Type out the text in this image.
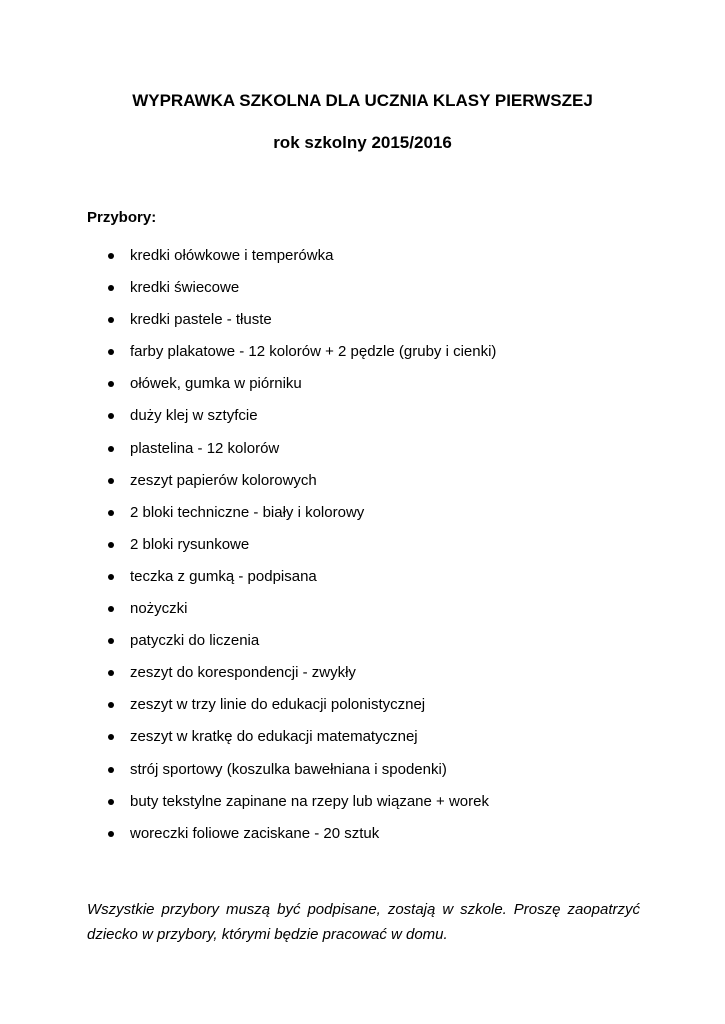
WYPRAWKA SZKOLNA DLA UCZNIA KLASY PIERWSZEJ
rok szkolny 2015/2016

Przybory:

kredki ołówkowe i temperówka
kredki świecowe
kredki pastele - tłuste
farby plakatowe - 12 kolorów + 2 pędzle (gruby i cienki)
ołówek, gumka w piórniku
duży klej w sztyfcie
plastelina - 12 kolorów
zeszyt papierów kolorowych
2 bloki techniczne - biały i kolorowy
2 bloki rysunkowe
teczka z gumką - podpisana
nożyczki
patyczki do liczenia
zeszyt do korespondencji - zwykły
zeszyt w trzy linie do edukacji polonistycznej
zeszyt w kratkę do edukacji matematycznej
strój sportowy (koszulka bawełniana i spodenki)
buty tekstylne zapinane na rzepy lub wiązane + worek
woreczki foliowe zaciskane - 20 sztuk

Wszystkie przybory muszą być podpisane, zostają w szkole. Proszę zaopatrzyć dziecko w przybory, którymi będzie pracować w domu.
